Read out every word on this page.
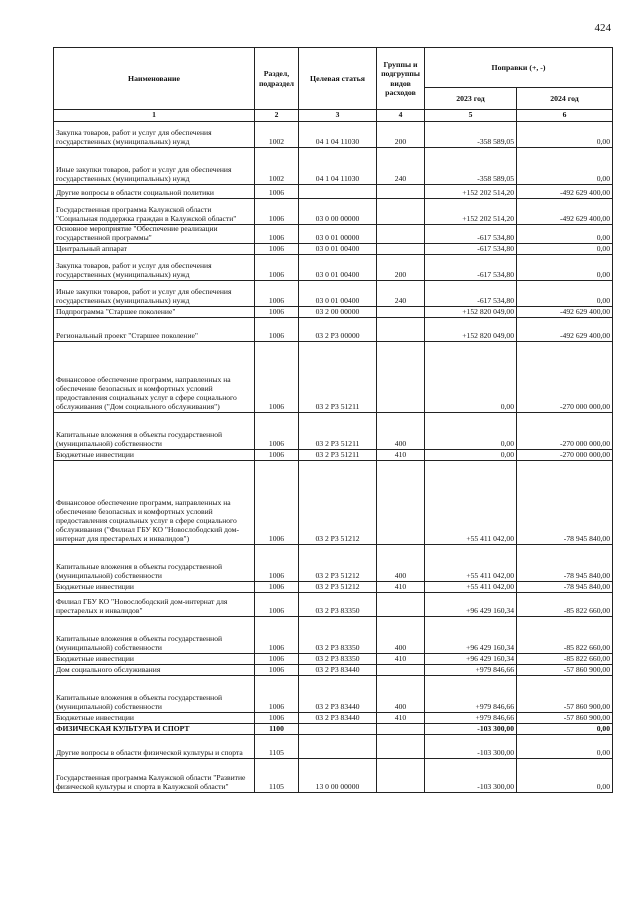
424
Наименование	Раздел, подраздел	Целевая статья	Группы и подгруппы видов расходов	Поправки (+, -)	
				2023 год	2024 год
1	2	3	4	5	6
Закупка товаров, работ и услуг для обеспечения государственных (муниципальных) нужд	1002	04 1 04 11030	200	-358 589,05	0,00
Иные закупки товаров, работ и услуг для обеспечения государственных (муниципальных) нужд	1002	04 1 04 11030	240	-358 589,05	0,00
Другие вопросы в области социальной политики	1006			+152 202 514,20	-492 629 400,00
Государственная программа Калужской области "Социальная поддержка граждан в Калужской области"	1006	03 0 00 00000		+152 202 514,20	-492 629 400,00
Основное мероприятие "Обеспечение реализации государственной программы"	1006	03 0 01 00000		-617 534,80	0,00
Центральный аппарат	1006	03 0 01 00400		-617 534,80	0,00
Закупка товаров, работ и услуг для обеспечения государственных (муниципальных) нужд	1006	03 0 01 00400	200	-617 534,80	0,00
Иные закупки товаров, работ и услуг для обеспечения государственных (муниципальных) нужд	1006	03 0 01 00400	240	-617 534,80	0,00
Подпрограмма "Старшее поколение"	1006	03 2 00 00000		+152 820 049,00	-492 629 400,00
Региональный проект "Старшее поколение"	1006	03 2 P3 00000		+152 820 049,00	-492 629 400,00
Финансовое обеспечение программ, направленных на обеспечение безопасных и комфортных условий предоставления социальных услуг в сфере социального обслуживания ("Дом социального обслуживания")	1006	03 2 P3 51211		0,00	-270 000 000,00
Капитальные вложения в объекты государственной (муниципальной) собственности	1006	03 2 P3 51211	400	0,00	-270 000 000,00
Бюджетные инвестиции	1006	03 2 P3 51211	410	0,00	-270 000 000,00
Финансовое обеспечение программ, направленных на обеспечение безопасных и комфортных условий предоставления социальных услуг в сфере социального обслуживания ("Филиал ГБУ КО "Новослободский дом-интернат для престарелых и инвалидов")	1006	03 2 P3 51212		+55 411 042,00	-78 945 840,00
Капитальные вложения в объекты государственной (муниципальной) собственности	1006	03 2 P3 51212	400	+55 411 042,00	-78 945 840,00
Бюджетные инвестиции	1006	03 2 P3 51212	410	+55 411 042,00	-78 945 840,00
Филиал ГБУ КО "Новослободский дом-интернат для престарелых и инвалидов"	1006	03 2 P3 83350		+96 429 160,34	-85 822 660,00
Капитальные вложения в объекты государственной (муниципальной) собственности	1006	03 2 P3 83350	400	+96 429 160,34	-85 822 660,00
Бюджетные инвестиции	1006	03 2 P3 83350	410	+96 429 160,34	-85 822 660,00
Дом социального обслуживания	1006	03 2 P3 83440		+979 846,66	-57 860 900,00
Капитальные вложения в объекты государственной (муниципальной) собственности	1006	03 2 P3 83440	400	+979 846,66	-57 860 900,00
Бюджетные инвестиции	1006	03 2 P3 83440	410	+979 846,66	-57 860 900,00
ФИЗИЧЕСКАЯ КУЛЬТУРА И СПОРТ	1100			-103 300,00	0,00
Другие вопросы в области физической культуры и спорта	1105			-103 300,00	0,00
Государственная программа Калужской области "Развитие физической культуры и спорта в Калужской области"	1105	13 0 00 00000		-103 300,00	0,00
